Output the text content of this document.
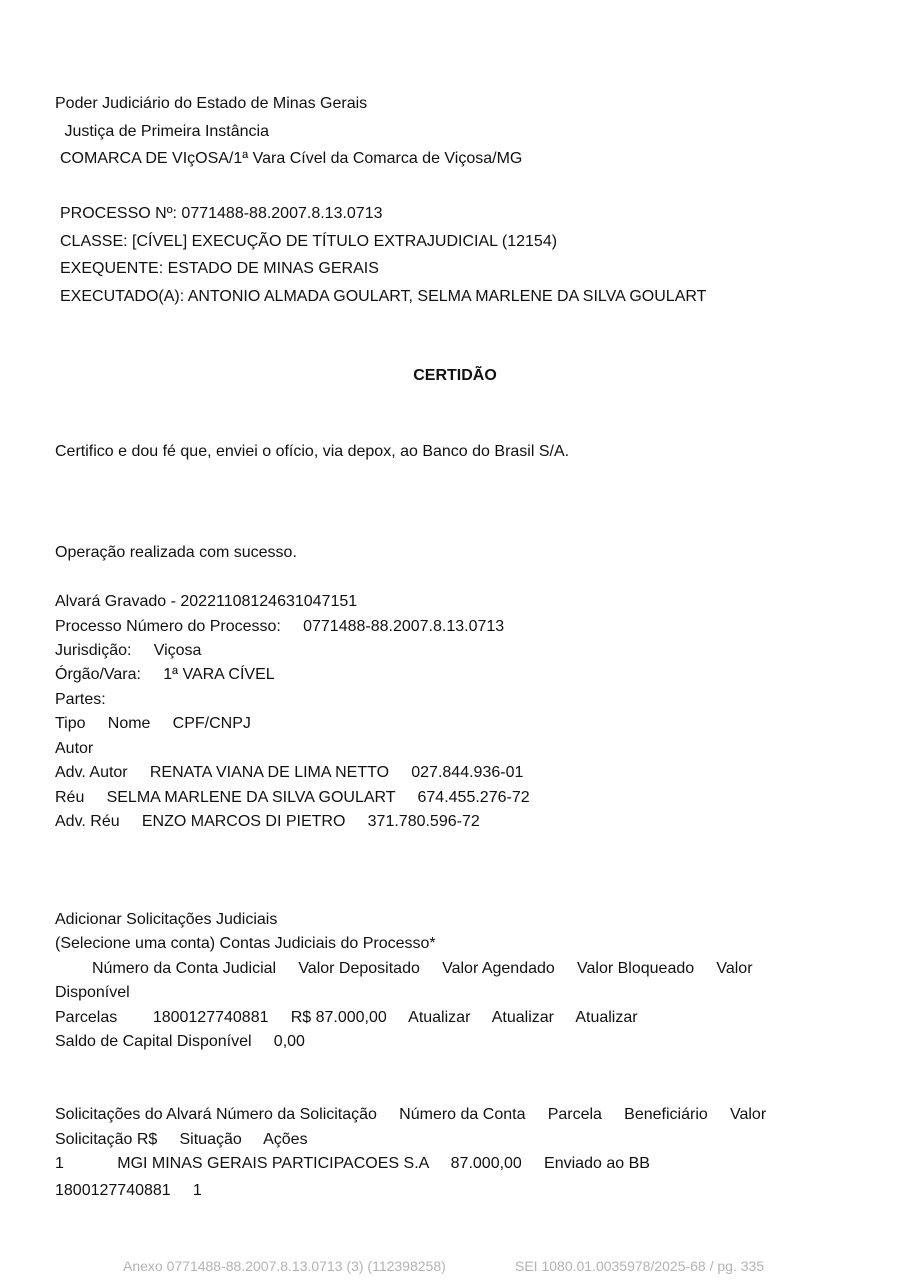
Poder Judiciário do Estado de Minas Gerais
Justiça de Primeira Instância
COMARCA DE VIçOSA/1ª Vara Cível da Comarca de Viçosa/MG
PROCESSO Nº: 0771488-88.2007.8.13.0713
CLASSE: [CÍVEL] EXECUÇÃO DE TÍTULO EXTRAJUDICIAL (12154)
EXEQUENTE: ESTADO DE MINAS GERAIS
EXECUTADO(A): ANTONIO ALMADA GOULART, SELMA MARLENE DA SILVA GOULART
CERTIDÃO
Certifico e dou fé que, enviei o ofício, via depox, ao Banco do Brasil S/A.
Operação realizada com sucesso.
Alvará Gravado - 20221108124631047151
Processo Número do Processo:     0771488-88.2007.8.13.0713
Jurisdição:     Viçosa
Órgão/Vara:     1ª VARA CÍVEL
Partes:
Tipo     Nome     CPF/CNPJ
Autor
Adv. Autor     RENATA VIANA DE LIMA NETTO     027.844.936-01
Réu     SELMA MARLENE DA SILVA GOULART     674.455.276-72
Adv. Réu     ENZO MARCOS DI PIETRO     371.780.596-72
Adicionar Solicitações Judiciais
(Selecione uma conta) Contas Judiciais do Processo*
Número da Conta Judicial     Valor Depositado     Valor Agendado     Valor Bloqueado     Valor
Disponível
Parcelas        1800127740881     R$ 87.000,00     Atualizar     Atualizar     Atualizar
Saldo de Capital Disponível     0,00
Solicitações do Alvará Número da Solicitação     Número da Conta     Parcela     Beneficiário     Valor
Solicitação R$     Situação     Ações
1            MGI MINAS GERAIS PARTICIPACOES S.A     87.000,00     Enviado ao BB
1800127740881     1
Anexo 0771488-88.2007.8.13.0713 (3) (112398258)	SEI 1080.01.0035978/2025-68 / pg. 335
